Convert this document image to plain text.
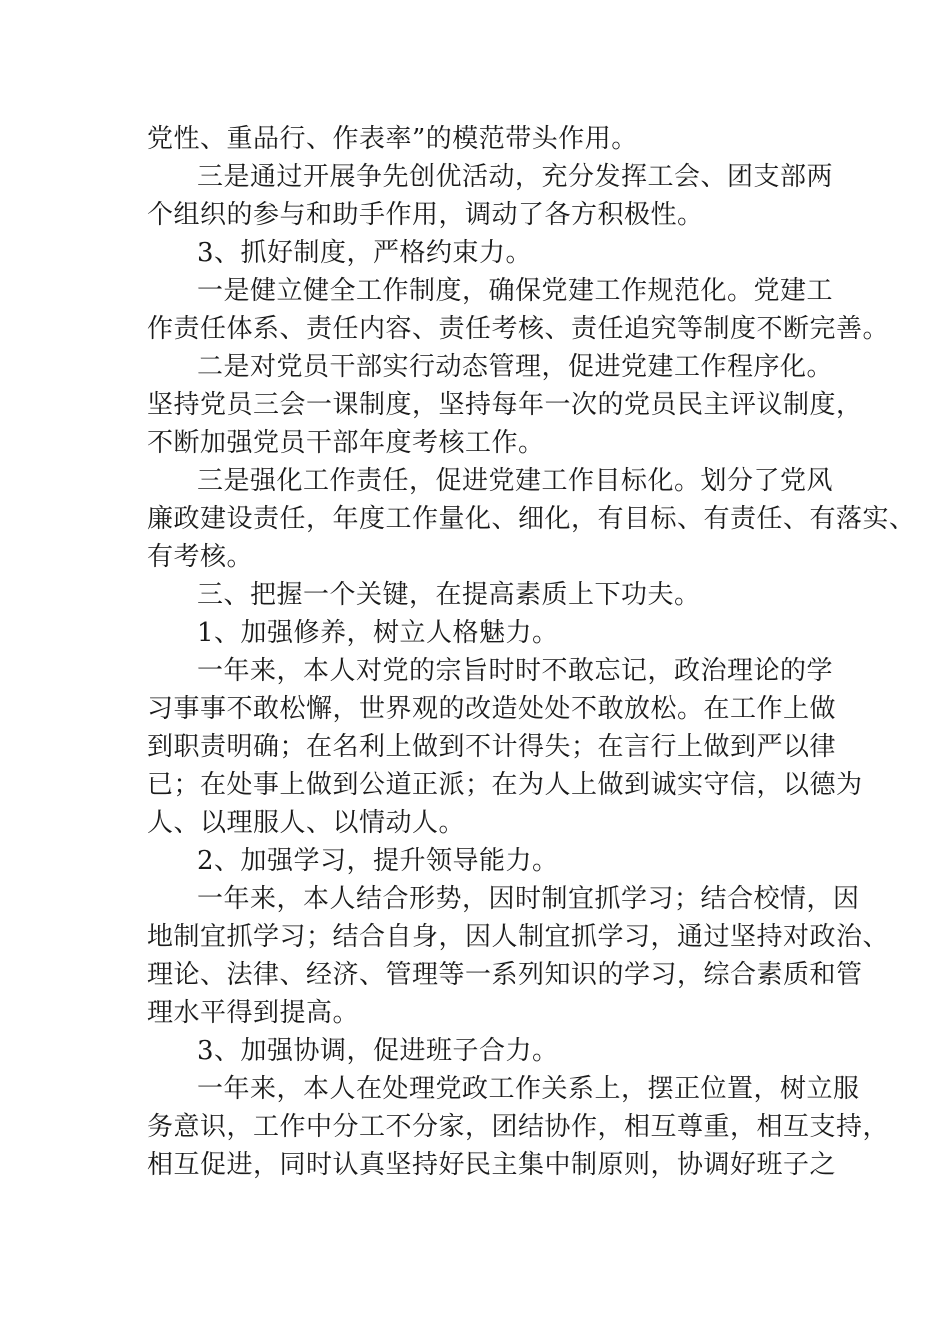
党性、重品行、作表率”的模范带头作用。
三是通过开展争先创优活动，充分发挥工会、团支部两
个组织的参与和助手作用，调动了各方积极性。
3、抓好制度，严格约束力。
一是健立健全工作制度，确保党建工作规范化。党建工
作责任体系、责任内容、责任考核、责任追究等制度不断完善。
二是对党员干部实行动态管理，促进党建工作程序化。
坚持党员三会一课制度，坚持每年一次的党员民主评议制度，
不断加强党员干部年度考核工作。
三是强化工作责任，促进党建工作目标化。划分了党风
廉政建设责任，年度工作量化、细化，有目标、有责任、有落实、
有考核。
三、把握一个关键，在提高素质上下功夫。
1、加强修养，树立人格魅力。
一年来，本人对党的宗旨时时不敢忘记，政治理论的学
习事事不敢松懈，世界观的改造处处不敢放松。在工作上做
到职责明确；在名利上做到不计得失；在言行上做到严以律
已；在处事上做到公道正派；在为人上做到诚实守信，以德为
人、以理服人、以情动人。
2、加强学习，提升领导能力。
一年来，本人结合形势，因时制宜抓学习；结合校情，因
地制宜抓学习；结合自身，因人制宜抓学习，通过坚持对政治、
理论、法律、经济、管理等一系列知识的学习，综合素质和管
理水平得到提高。
3、加强协调，促进班子合力。
一年来，本人在处理党政工作关系上，摆正位置，树立服
务意识，工作中分工不分家，团结协作，相互尊重，相互支持，
相互促进，同时认真坚持好民主集中制原则，协调好班子之
